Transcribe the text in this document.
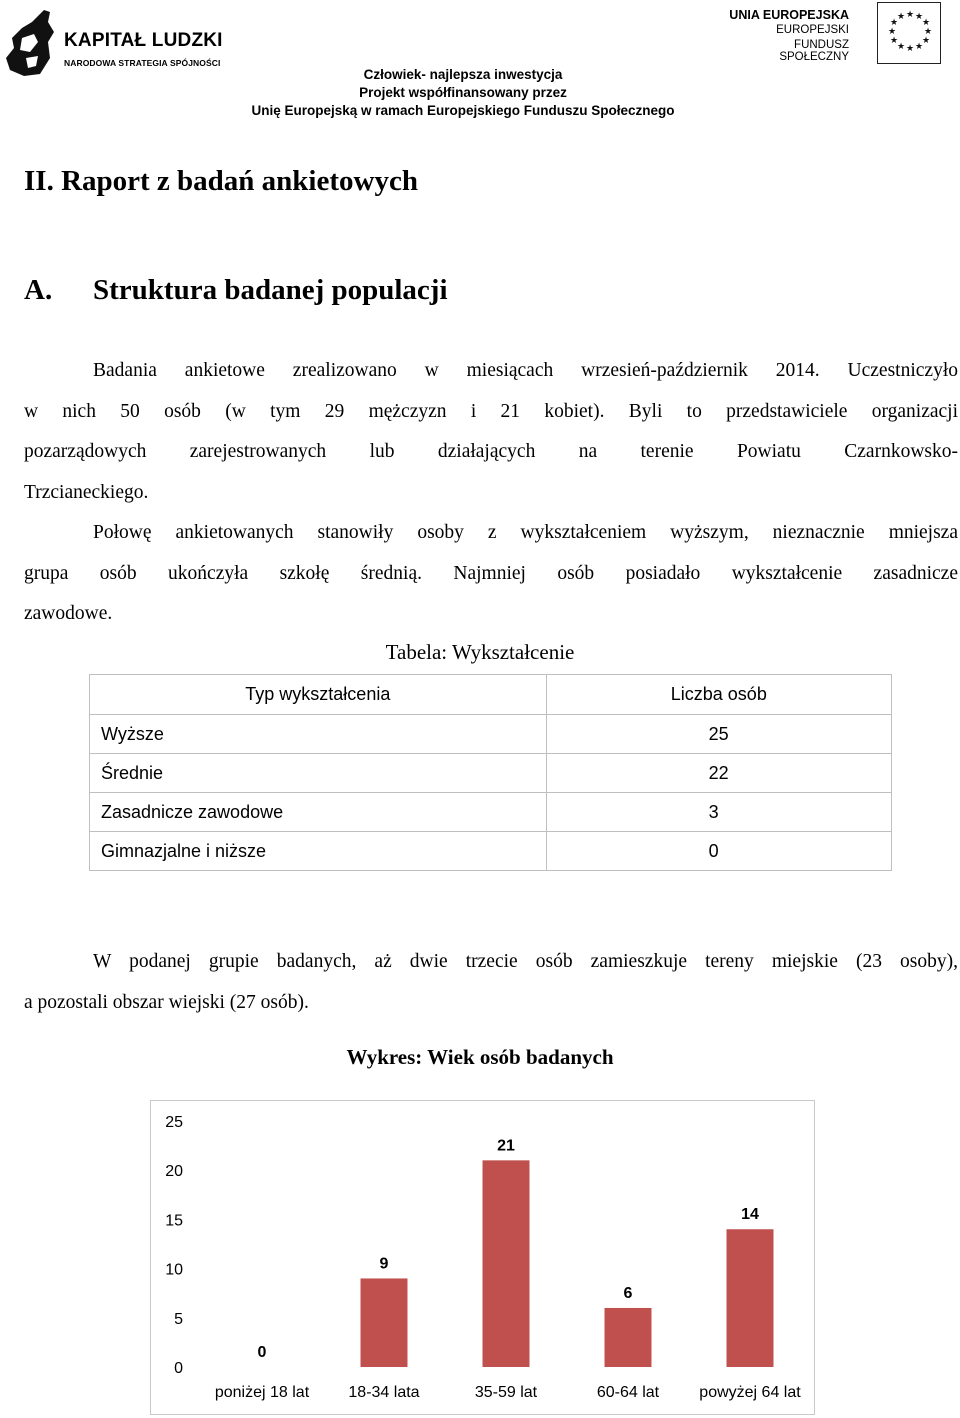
KAPITAŁ LUDZKI
NARODOWA STRATEGIA SPÓJNOŚCI
UNIA EUROPEJSKA
EUROPEJSKI
FUNDUSZ SPOŁECZNY
★ ★
★
★
★
★
★
★
★
★
★
★
Człowiek- najlepsza inwestycja
Projekt współfinansowany przez
Unię Europejską w ramach Europejskiego Funduszu Społecznego
II. Raport z badań ankietowych
A. Struktura badanej populacji
Badania ankietowe zrealizowano w miesiącach wrzesień-październik 2014. Uczestniczyło
w nich 50 osób (w tym 29 mężczyzn i 21 kobiet). Byli to przedstawiciele organizacji
pozarządowych zarejestrowanych lub działających na terenie Powiatu Czarnkowsko-
Trzcianeckiego.
Połowę ankietowanych stanowiły osoby z wykształceniem wyższym, nieznacznie mniejsza
grupa osób ukończyła szkołę średnią. Najmniej osób posiadało wykształcenie zasadnicze
zawodowe.
Tabela: Wykształcenie
Typ wykształcenia	Liczba osób
Wyższe	25
Średnie	22
Zasadnicze zawodowe	3
Gimnazjalne i niższe	0
W podanej grupie badanych, aż dwie trzecie osób zamieszkuje tereny miejskie (23 osoby),
a pozostali obszar wiejski (27 osób).
Wykres: Wiek osób badanych
0
5
10
15
20
25
0
poniżej 18 lat
9
18-34 lata
21
35-59 lat
6
60-64 lat
14
powyżej 64 lat
